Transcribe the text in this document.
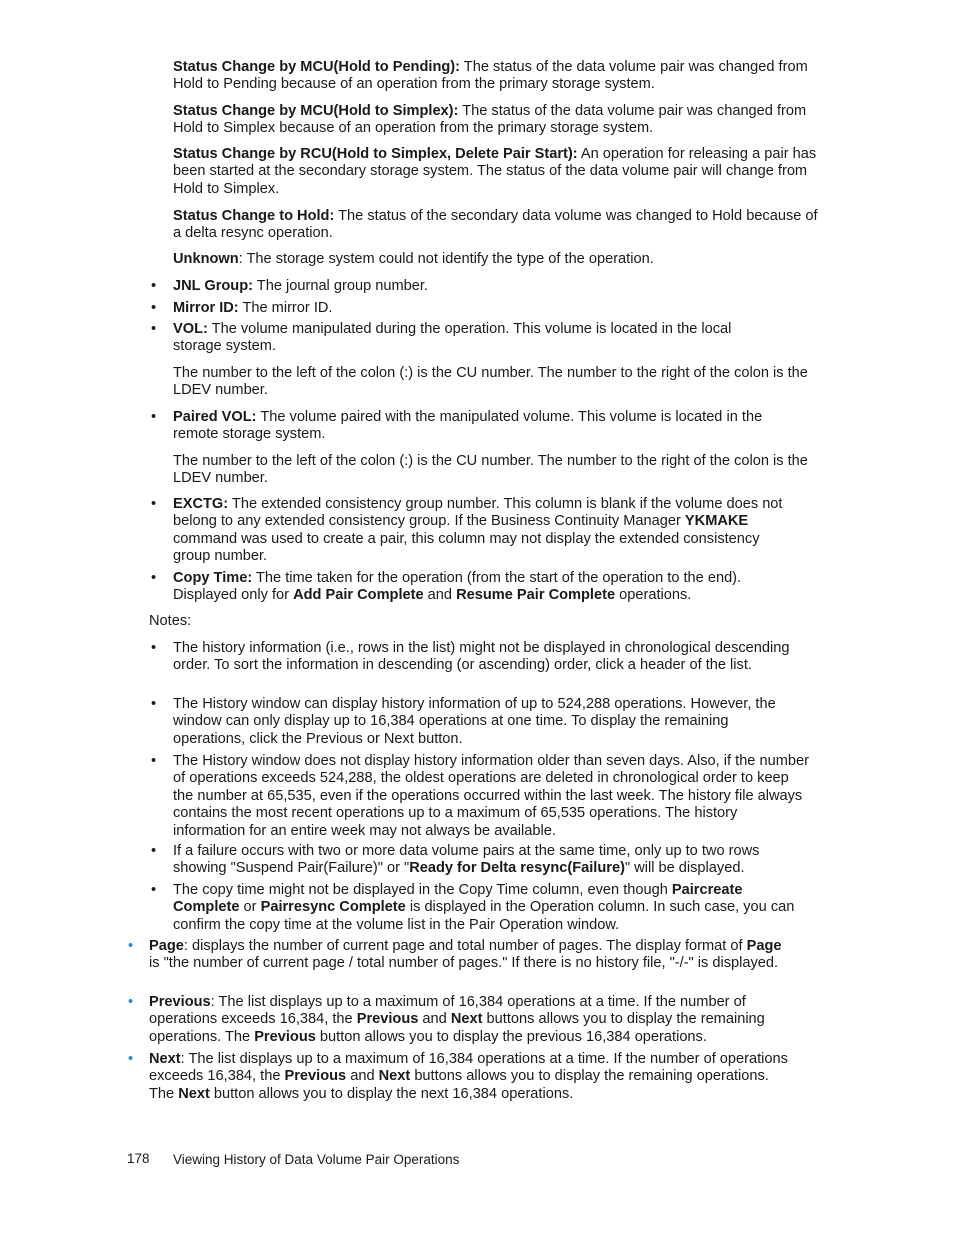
Status Change by MCU(Hold to Pending): The status of the data volume pair was changed from Hold to Pending because of an operation from the primary storage system.

Status Change by MCU(Hold to Simplex): The status of the data volume pair was changed from Hold to Simplex because of an operation from the primary storage system.

Status Change by RCU(Hold to Simplex, Delete Pair Start): An operation for releasing a pair has been started at the secondary storage system. The status of the data volume pair will change from Hold to Simplex.

Status Change to Hold: The status of the secondary data volume was changed to Hold because of a delta resync operation.

Unknown: The storage system could not identify the type of the operation.

• JNL Group: The journal group number.

• Mirror ID: The mirror ID.

• VOL: The volume manipulated during the operation. This volume is located in the local storage system.

The number to the left of the colon (:) is the CU number. The number to the right of the colon is the LDEV number.

• Paired VOL: The volume paired with the manipulated volume. This volume is located in the remote storage system.

The number to the left of the colon (:) is the CU number. The number to the right of the colon is the LDEV number.

• EXCTG: The extended consistency group number. This column is blank if the volume does not belong to any extended consistency group. If the Business Continuity Manager YKMAKE command was used to create a pair, this column may not display the extended consistency group number.

• Copy Time: The time taken for the operation (from the start of the operation to the end). Displayed only for Add Pair Complete and Resume Pair Complete operations.

Notes:

• The history information (i.e., rows in the list) might not be displayed in chronological descending order. To sort the information in descending (or ascending) order, click a header of the list.

• The History window can display history information of up to 524,288 operations. However, the window can only display up to 16,384 operations at one time. To display the remaining operations, click the Previous or Next button.

• The History window does not display history information older than seven days. Also, if the number of operations exceeds 524,288, the oldest operations are deleted in chronological order to keep the number at 65,535, even if the operations occurred within the last week. The history file always contains the most recent operations up to a maximum of 65,535 operations. The history information for an entire week may not always be available.

• If a failure occurs with two or more data volume pairs at the same time, only up to two rows showing "Suspend Pair(Failure)" or "Ready for Delta resync(Failure)" will be displayed.

• The copy time might not be displayed in the Copy Time column, even though Paircreate Complete or Pairresync Complete is displayed in the Operation column. In such case, you can confirm the copy time at the volume list in the Pair Operation window.

• Page: displays the number of current page and total number of pages. The display format of Page is "the number of current page / total number of pages." If there is no history file, "-/-" is displayed.

• Previous: The list displays up to a maximum of 16,384 operations at a time. If the number of operations exceeds 16,384, the Previous and Next buttons allows you to display the remaining operations. The Previous button allows you to display the previous 16,384 operations.

• Next: The list displays up to a maximum of 16,384 operations at a time. If the number of operations exceeds 16,384, the Previous and Next buttons allows you to display the remaining operations. The Next button allows you to display the next 16,384 operations.

178 Viewing History of Data Volume Pair Operations
